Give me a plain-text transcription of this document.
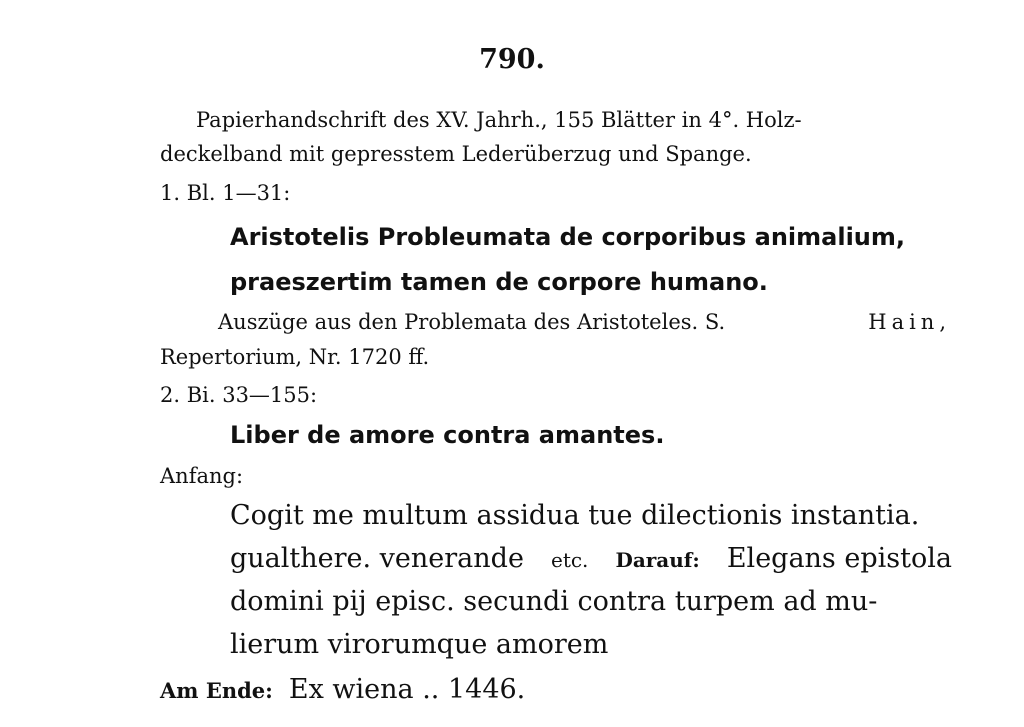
790.
Papierhandschrift des XV. Jahrh., 155 Blätter in 4°. Holz-
deckelband mit gepresstem Lederüberzug und Spange.
1. Bl. 1—31:
Aristotelis Probleumata de corporibus animalium,
praeszertim tamen de corpore humano.
Auszüge aus den Problemata des Aristoteles. S.	Hain,
Repertorium, Nr. 1720 ff.
2. Bi. 33—155:
Liber de amore contra amantes.
Anfang:
Cogit me multum assidua tue dilectionis instantia.
gualthere. venerande etc. Darauf: Elegans epistola
domini pij episc. secundi contra turpem ad mu-
lierum virorumque amorem
Am Ende: Ex wiena .. 1446.
